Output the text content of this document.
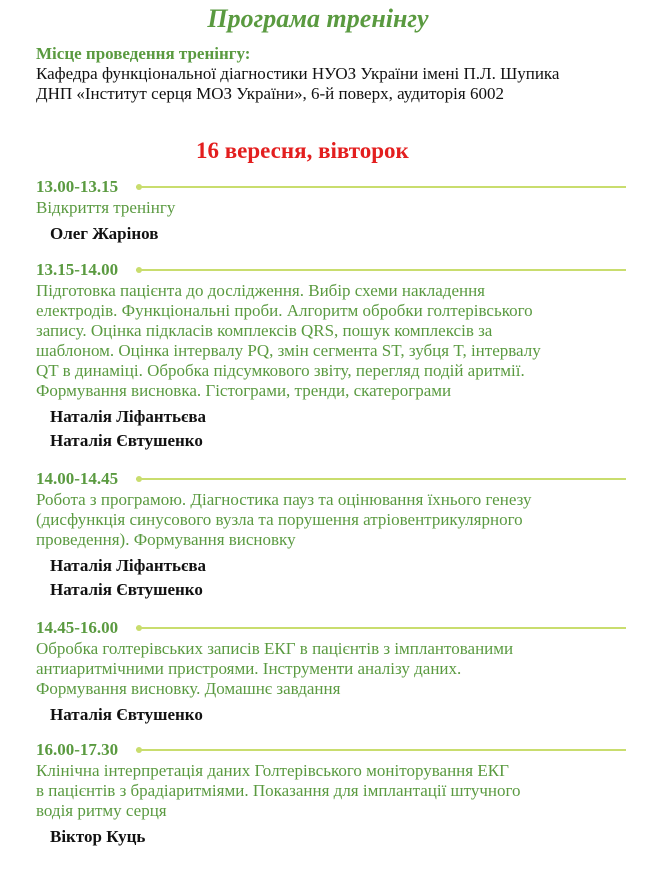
Програма тренінгу
Місце проведення тренінгу:
Кафедра функціональної діагностики НУОЗ України імені П.Л. Шупика
ДНП «Інститут серця МОЗ України», 6-й поверх, аудиторія 6002
16 вересня, вівторок
13.00-13.15
Відкриття тренінгу
Олег Жарінов
13.15-14.00
Підготовка пацієнта до дослідження. Вибір схеми накладення
електродів. Функціональні проби. Алгоритм обробки голтерівського
запису. Оцінка підкласів комплексів QRS, пошук комплексів за
шаблоном. Оцінка інтервалу PQ, змін сегмента ST, зубця T, інтервалу
QT в динаміці. Обробка підсумкового звіту, перегляд подій аритмії.
Формування висновка. Гістограми, тренди, скатерограми
Наталія Ліфантьєва
Наталія Євтушенко
14.00-14.45
Робота з програмою. Діагностика пауз та оцінювання їхнього генезу
(дисфункція синусового вузла та порушення атріовентрикулярного
проведення). Формування висновку
Наталія Ліфантьєва
Наталія Євтушенко
14.45-16.00
Обробка голтерівських записів ЕКГ в пацієнтів з імплантованими
антиаритмічними пристроями. Інструменти аналізу даних.
Формування висновку. Домашнє завдання
Наталія Євтушенко
16.00-17.30
Клінічна інтерпретація даних Голтерівського моніторування ЕКГ
в пацієнтів з брадіаритміями. Показання для імплантації штучного
водія ритму серця
Віктор Куць
